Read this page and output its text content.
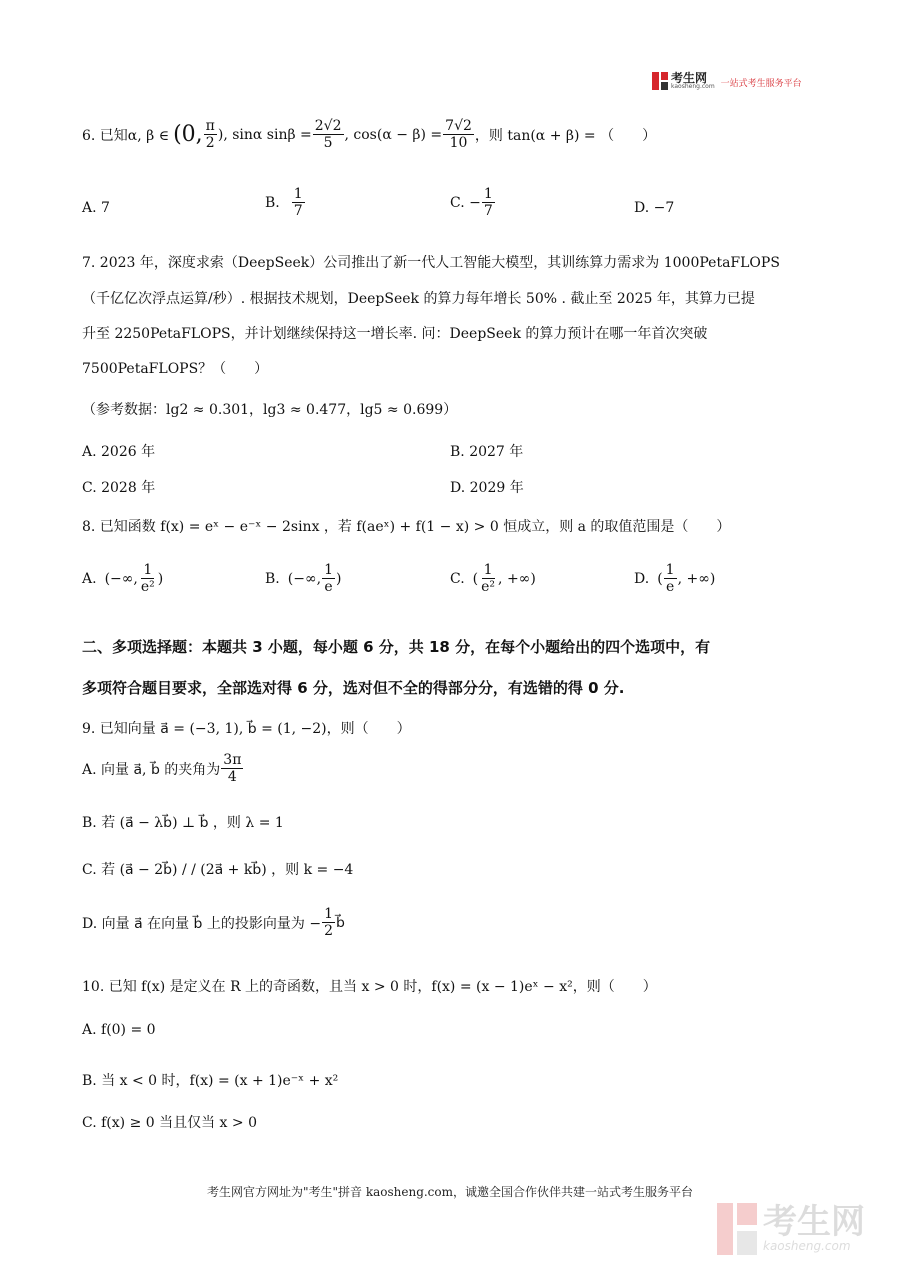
考生网
kaosheng.com 一站式考生服务平台
6. 已知α, β ∈ (0, $\frac{\pi}{2}$ ), sinα $\sin\beta = \frac{2√2}{5}$ , $\cos(\alpha - \beta) = \frac{7√2}{10}$ ，则 tan(α + β) = （　　）
A. 7	B. $\frac{1}{7}$	C. − $\frac{1}{7}$	D. −7
7. 2023 年，深度求索（DeepSeek）公司推出了新一代人工智能大模型，其训练算力需求为 1000PetaFLOPS
（千亿亿次浮点运算/秒）. 根据技术规划，DeepSeek 的算力每年增长 50% . 截止至 2025 年，其算力已提
升至 2250PetaFLOPS，并计划继续保持这一增长率. 问：DeepSeek 的算力预计在哪一年首次突破
7500PetaFLOPS？（　　）
（参考数据：lg2 ≈ 0.301，lg3 ≈ 0.477，lg5 ≈ 0.699）
A. 2026 年	B. 2027 年
C. 2028 年	D. 2029 年
8. 已知函数 f(x) = eˣ − e⁻ˣ − 2sinx ，若 f(aeˣ) + f(1 − x) > 0 恒成立，则 a 的取值范围是（　　）
A. (−∞, $\frac{1}{\text{e²}}$ )	B. (−∞, $\frac{1}{e}$ )	C. ( $\frac{1}{\text{e²}}$ , +∞)	D. ( $\frac{1}{e}$ , +∞)
二、多项选择题：本题共 3 小题，每小题 6 分，共 18 分，在每个小题给出的四个选项中，有
多项符合题目要求，全部选对得 6 分，选对但不全的得部分分，有选错的得 0 分.
9. 已知向量 a⃗ = (−3, 1), b⃗ = (1, −2)，则（　　）
A. 向量 a⃗, b⃗ 的夹角为 $\frac{3\pi}{4}$
B. 若 (a⃗ − λb⃗) ⊥ b⃗ ，则 λ = 1
C. 若 (a⃗ − 2b⃗) / / (2a⃗ + kb⃗) ，则 k = −4
D. 向量 a⃗ 在向量 b⃗ 上的投影向量为 − $\frac{1}{2}$ b⃗
10. 已知 f(x) 是定义在 R 上的奇函数，且当 x > 0 时，f(x) = (x − 1)eˣ − x²，则（　　）
A. f(0) = 0
B. 当 x < 0 时，f(x) = (x + 1)e⁻ˣ + x²
C. f(x) ≥ 0 当且仅当 x > 0
考生网官方网址为"考生"拼音 kaosheng.com，诚邀全国合作伙伴共建一站式考生服务平台
考生网
kaosheng.com
